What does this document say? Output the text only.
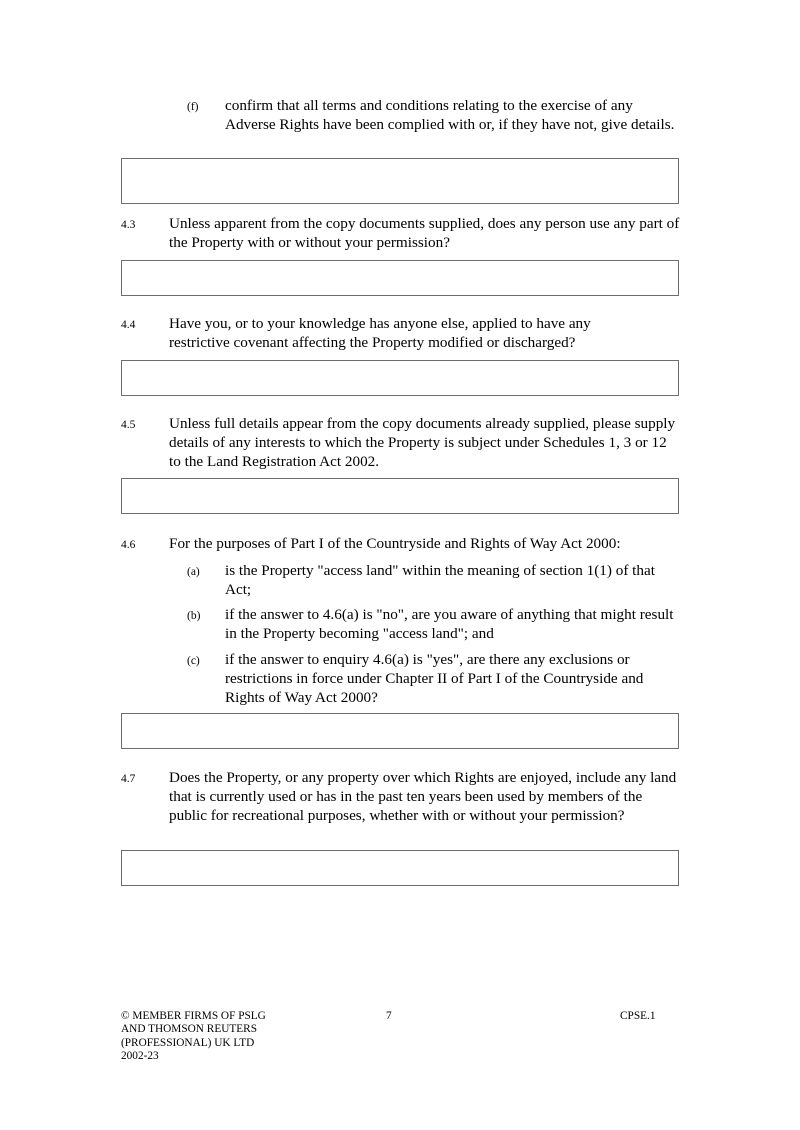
(f) confirm that all terms and conditions relating to the exercise of any Adverse Rights have been complied with or, if they have not, give details.
4.3 Unless apparent from the copy documents supplied, does any person use any part of the Property with or without your permission?
4.4 Have you, or to your knowledge has anyone else, applied to have any restrictive covenant affecting the Property modified or discharged?
4.5 Unless full details appear from the copy documents already supplied, please supply details of any interests to which the Property is subject under Schedules 1, 3 or 12 to the Land Registration Act 2002.
4.6 For the purposes of Part I of the Countryside and Rights of Way Act 2000:
(a) is the Property "access land" within the meaning of section 1(1) of that Act;
(b) if the answer to 4.6(a) is "no", are you aware of anything that might result in the Property becoming "access land"; and
(c) if the answer to enquiry 4.6(a) is "yes", are there any exclusions or restrictions in force under Chapter II of Part I of the Countryside and Rights of Way Act 2000?
4.7 Does the Property, or any property over which Rights are enjoyed, include any land that is currently used or has in the past ten years been used by members of the public for recreational purposes, whether with or without your permission?
© MEMBER FIRMS OF PSLG
AND THOMSON REUTERS
(PROFESSIONAL) UK LTD
2002-23
7	CPSE.1
